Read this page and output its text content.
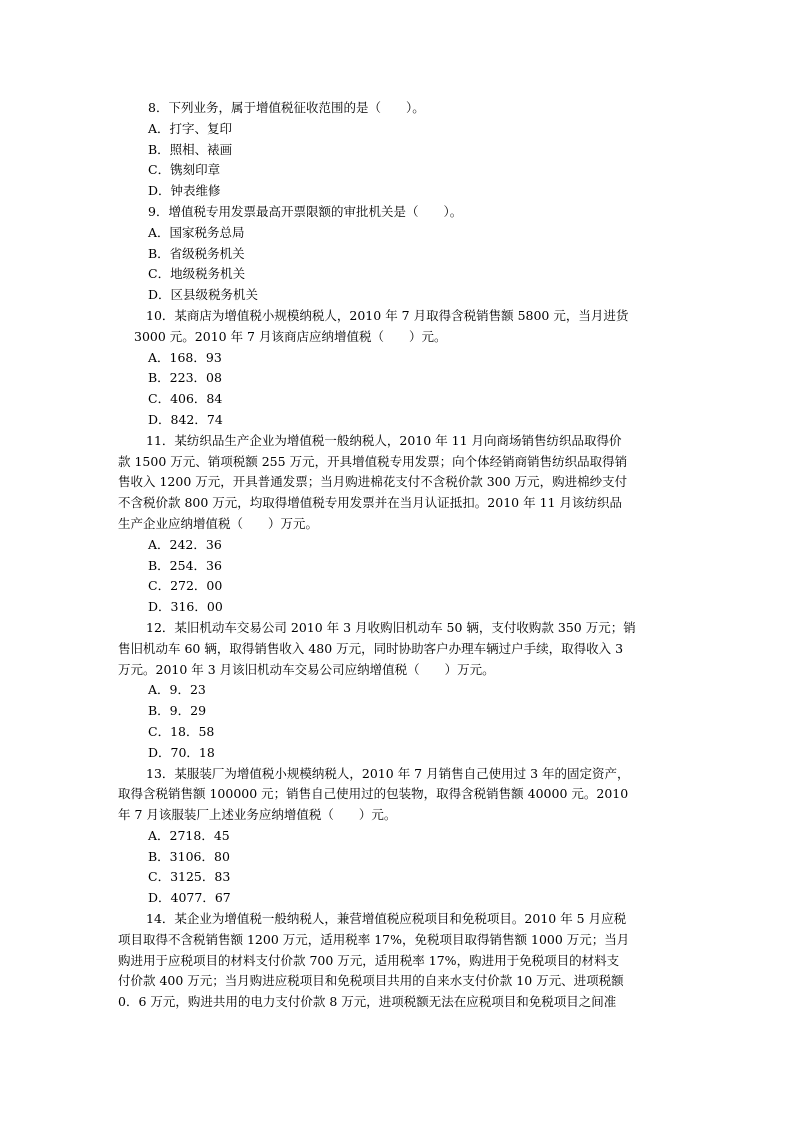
8．下列业务，属于增值税征收范围的是（　　）。
A．打字、复印
B．照相、裱画
C．镌刻印章
D．钟表维修
9．增值税专用发票最高开票限额的审批机关是（　　）。
A．国家税务总局
B．省级税务机关
C．地级税务机关
D．区县级税务机关
10．某商店为增值税小规模纳税人，2010 年 7 月取得含税销售额 5800 元，当月进货
3000 元。2010 年 7 月该商店应纳增值税（　　）元。
A．168．93
B．223．08
C．406．84
D．842．74
11．某纺织品生产企业为增值税一般纳税人，2010 年 11 月向商场销售纺织品取得价
款 1500 万元、销项税额 255 万元，开具增值税专用发票；向个体经销商销售纺织品取得销
售收入 1200 万元，开具普通发票；当月购进棉花支付不含税价款 300 万元，购进棉纱支付
不含税价款 800 万元，均取得增值税专用发票并在当月认证抵扣。2010 年 11 月该纺织品
生产企业应纳增值税（　　）万元。
A．242．36
B．254．36
C．272．00
D．316．00
12．某旧机动车交易公司 2010 年 3 月收购旧机动车 50 辆，支付收购款 350 万元；销
售旧机动车 60 辆，取得销售收入 480 万元，同时协助客户办理车辆过户手续，取得收入 3
万元。2010 年 3 月该旧机动车交易公司应纳增值税（　　）万元。
A．9．23
B．9．29
C．18．58
D．70．18
13．某服装厂为增值税小规模纳税人，2010 年 7 月销售自己使用过 3 年的固定资产，
取得含税销售额 100000 元；销售自己使用过的包装物，取得含税销售额 40000 元。2010
年 7 月该服装厂上述业务应纳增值税（　　）元。
A．2718．45
B．3106．80
C．3125．83
D．4077．67
14．某企业为增值税一般纳税人，兼营增值税应税项目和免税项目。2010 年 5 月应税
项目取得不含税销售额 1200 万元，适用税率 17%，免税项目取得销售额 1000 万元；当月
购进用于应税项目的材料支付价款 700 万元，适用税率 17%，购进用于免税项目的材料支
付价款 400 万元；当月购进应税项目和免税项目共用的自来水支付价款 10 万元、进项税额
0．6 万元，购进共用的电力支付价款 8 万元，进项税额无法在应税项目和免税项目之间准
